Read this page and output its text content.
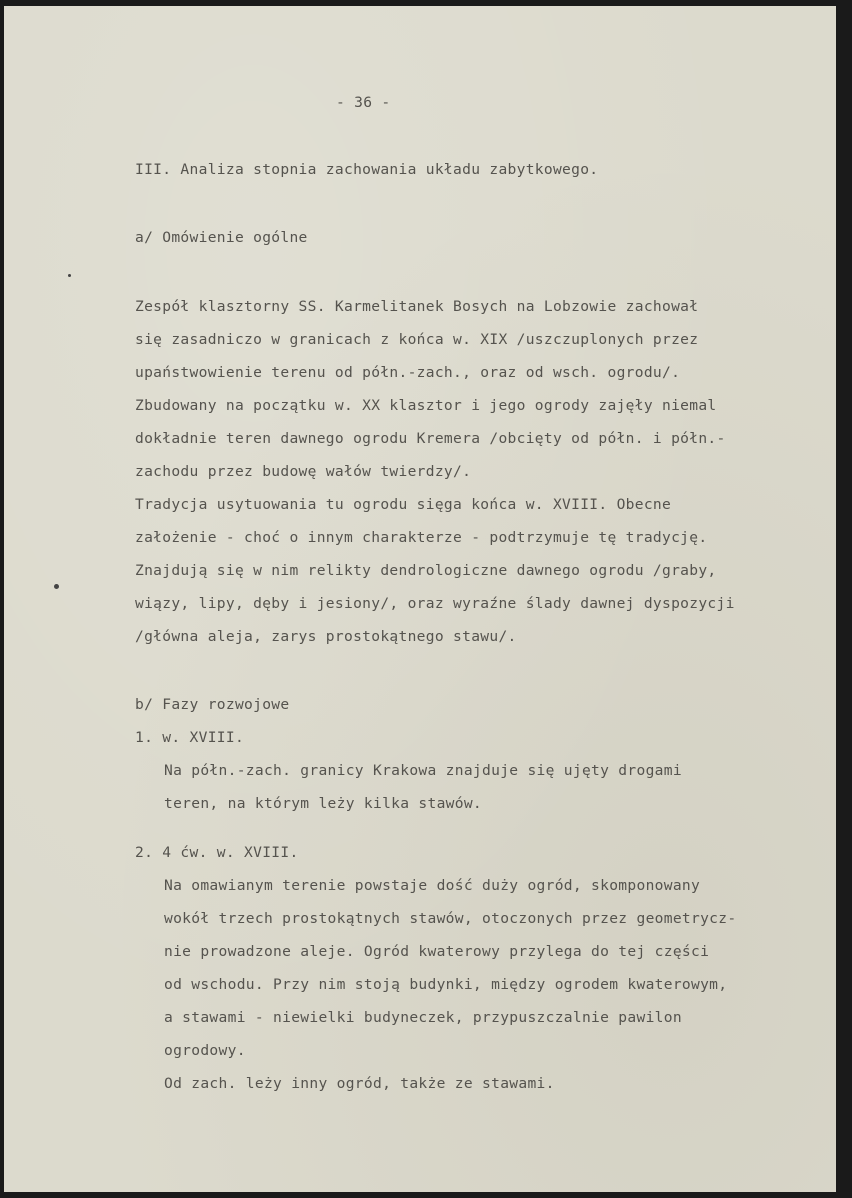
- 36 -
III. Analiza stopnia zachowania układu zabytkowego.
a/ Omówienie ogólne
Zespół klasztorny SS. Karmelitanek Bosych na Lobzowie zachował
się zasadniczo w granicach z końca w. XIX /uszczuplonych przez
upaństwowienie terenu od półn.-zach., oraz od wsch. ogrodu/.
Zbudowany na początku w. XX klasztor i jego ogrody zajęły niemal
dokładnie teren dawnego ogrodu Kremera /obcięty od półn. i półn.-
zachodu przez budowę wałów twierdzy/.
Tradycja usytuowania tu ogrodu sięga końca w. XVIII. Obecne
założenie - choć o innym charakterze - podtrzymuje tę tradycję.
Znajdują się w nim relikty dendrologiczne dawnego ogrodu /graby,
wiązy, lipy, dęby i jesiony/, oraz wyraźne ślady dawnej dyspozycji
/główna aleja, zarys prostokątnego stawu/.
b/ Fazy rozwojowe
1. w. XVIII.
Na półn.-zach. granicy Krakowa znajduje się ujęty drogami
teren, na którym leży kilka stawów.
2. 4 ćw. w. XVIII.
Na omawianym terenie powstaje dość duży ogród, skomponowany
wokół trzech prostokątnych stawów, otoczonych przez geometrycz-
nie prowadzone aleje. Ogród kwaterowy przylega do tej części
od wschodu. Przy nim stoją budynki, między ogrodem kwaterowym,
a stawami - niewielki budyneczek, przypuszczalnie pawilon
ogrodowy.
Od zach. leży inny ogród, także ze stawami.
